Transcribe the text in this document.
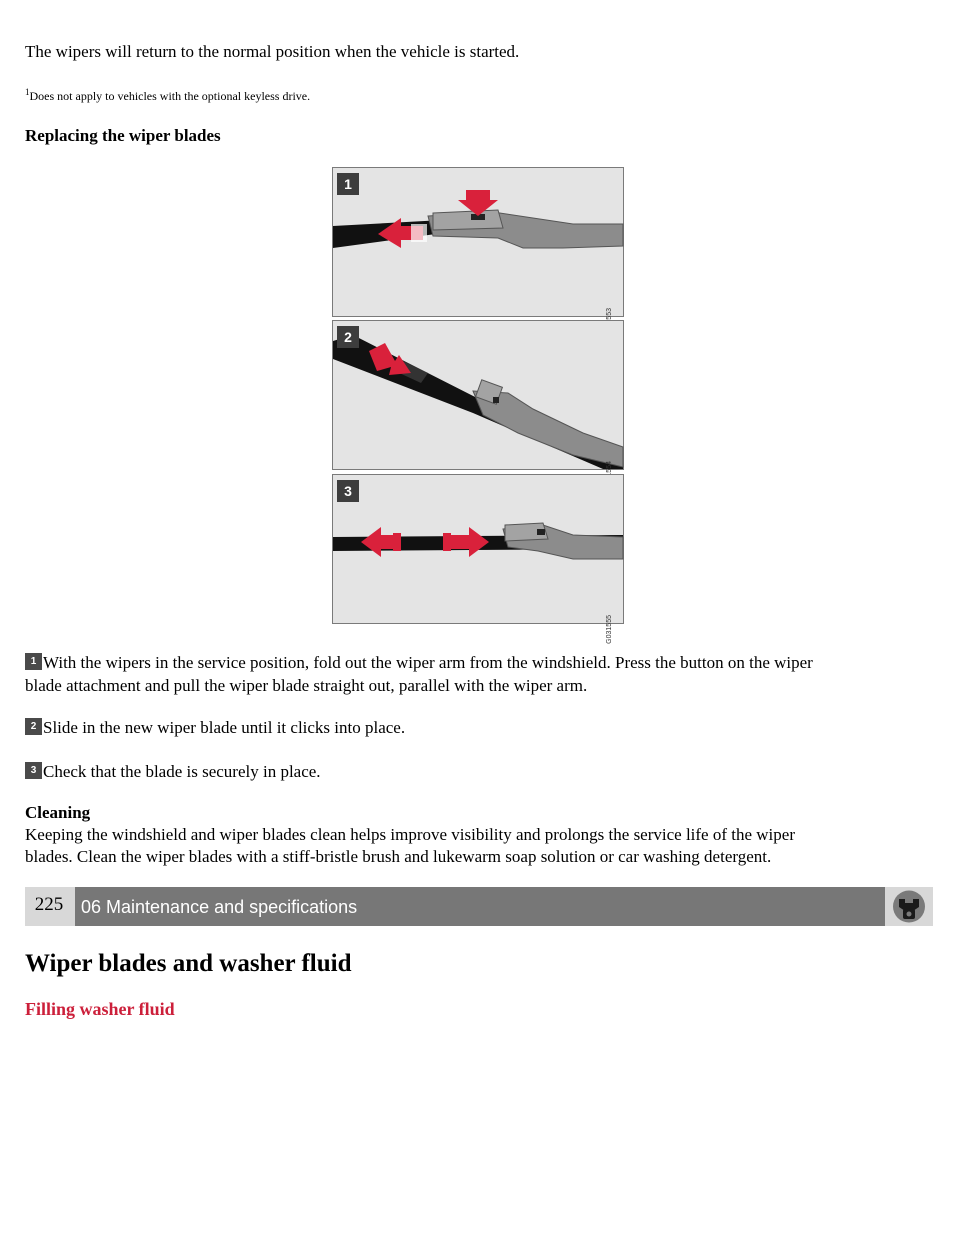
The wipers will return to the normal position when the vehicle is started.
$^1$Does not apply to vehicles with the optional keyless drive.
Replacing the wiper blades
1
2
3
G031555
1 With the wipers in the service position, fold out the wiper arm from the windshield. Press the button on the wiper
blade attachment and pull the wiper blade straight out, parallel with the wiper arm.
2 Slide in the new wiper blade until it clicks into place.
3 Check that the blade is securely in place.
Cleaning
Keeping the windshield and wiper blades clean helps improve visibility and prolongs the service life of the wiper
blades. Clean the wiper blades with a stiff-bristle brush and lukewarm soap solution or car washing detergent.
225 06 Maintenance and specifications
Wiper blades and washer fluid
Filling washer fluid
